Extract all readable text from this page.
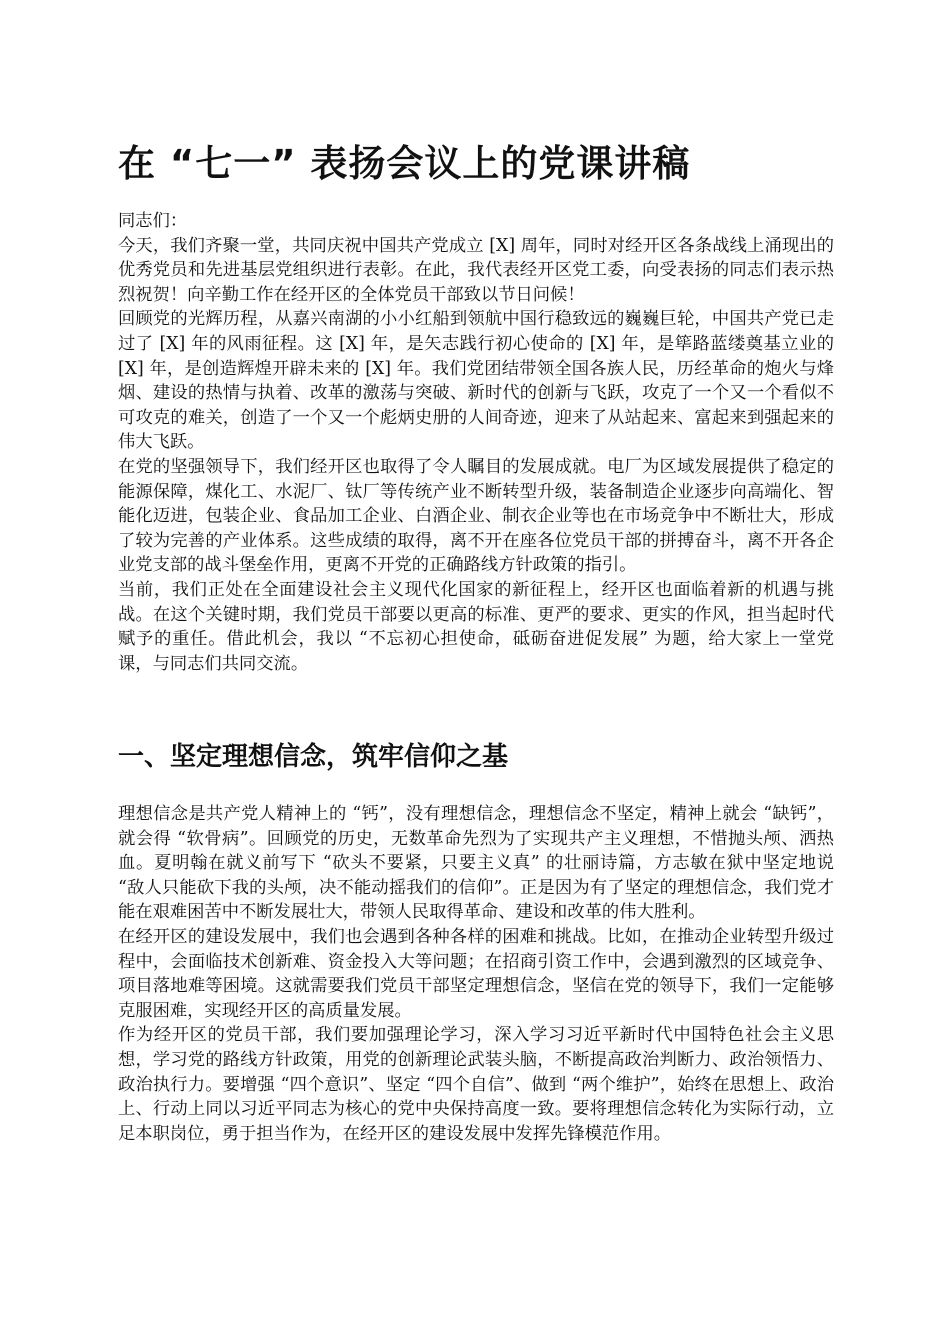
在 “七一” 表扬会议上的党课讲稿

同志们：

今天，我们齐聚一堂，共同庆祝中国共产党成立 [X] 周年，同时对经开区各条战线上涌现出的优秀党员和先进基层党组织进行表彰。在此，我代表经开区党工委，向受表扬的同志们表示热烈祝贺！向辛勤工作在经开区的全体党员干部致以节日问候！

回顾党的光辉历程，从嘉兴南湖的小小红船到领航中国行稳致远的巍巍巨轮，中国共产党已走过了 [X] 年的风雨征程。这 [X] 年，是矢志践行初心使命的 [X] 年，是筚路蓝缕奠基立业的 [X] 年，是创造辉煌开辟未来的 [X] 年。我们党团结带领全国各族人民，历经革命的炮火与烽烟、建设的热情与执着、改革的激荡与突破、新时代的创新与飞跃，攻克了一个又一个看似不可攻克的难关，创造了一个又一个彪炳史册的人间奇迹，迎来了从站起来、富起来到强起来的伟大飞跃。

在党的坚强领导下，我们经开区也取得了令人瞩目的发展成就。电厂为区域发展提供了稳定的能源保障，煤化工、水泥厂、钛厂等传统产业不断转型升级，装备制造企业逐步向高端化、智能化迈进，包装企业、食品加工企业、白酒企业、制衣企业等也在市场竞争中不断壮大，形成了较为完善的产业体系。这些成绩的取得，离不开在座各位党员干部的拼搏奋斗，离不开各企业党支部的战斗堡垒作用，更离不开党的正确路线方针政策的指引。

当前，我们正处在全面建设社会主义现代化国家的新征程上，经开区也面临着新的机遇与挑战。在这个关键时期，我们党员干部要以更高的标准、更严的要求、更实的作风，担当起时代赋予的重任。借此机会，我以 “不忘初心担使命，砥砺奋进促发展” 为题，给大家上一堂党课，与同志们共同交流。

一、坚定理想信念，筑牢信仰之基

理想信念是共产党人精神上的 “钙”，没有理想信念，理想信念不坚定，精神上就会 “缺钙”，就会得 “软骨病”。回顾党的历史，无数革命先烈为了实现共产主义理想，不惜抛头颅、洒热血。夏明翰在就义前写下 “砍头不要紧，只要主义真” 的壮丽诗篇，方志敏在狱中坚定地说 “敌人只能砍下我的头颅，决不能动摇我们的信仰”。正是因为有了坚定的理想信念，我们党才能在艰难困苦中不断发展壮大，带领人民取得革命、建设和改革的伟大胜利。

在经开区的建设发展中，我们也会遇到各种各样的困难和挑战。比如，在推动企业转型升级过程中，会面临技术创新难、资金投入大等问题；在招商引资工作中，会遇到激烈的区域竞争、项目落地难等困境。这就需要我们党员干部坚定理想信念，坚信在党的领导下，我们一定能够克服困难，实现经开区的高质量发展。

作为经开区的党员干部，我们要加强理论学习，深入学习习近平新时代中国特色社会主义思想，学习党的路线方针政策，用党的创新理论武装头脑，不断提高政治判断力、政治领悟力、政治执行力。要增强 “四个意识”、坚定 “四个自信”、做到 “两个维护”，始终在思想上、政治上、行动上同以习近平同志为核心的党中央保持高度一致。要将理想信念转化为实际行动，立足本职岗位，勇于担当作为，在经开区的建设发展中发挥先锋模范作用。
